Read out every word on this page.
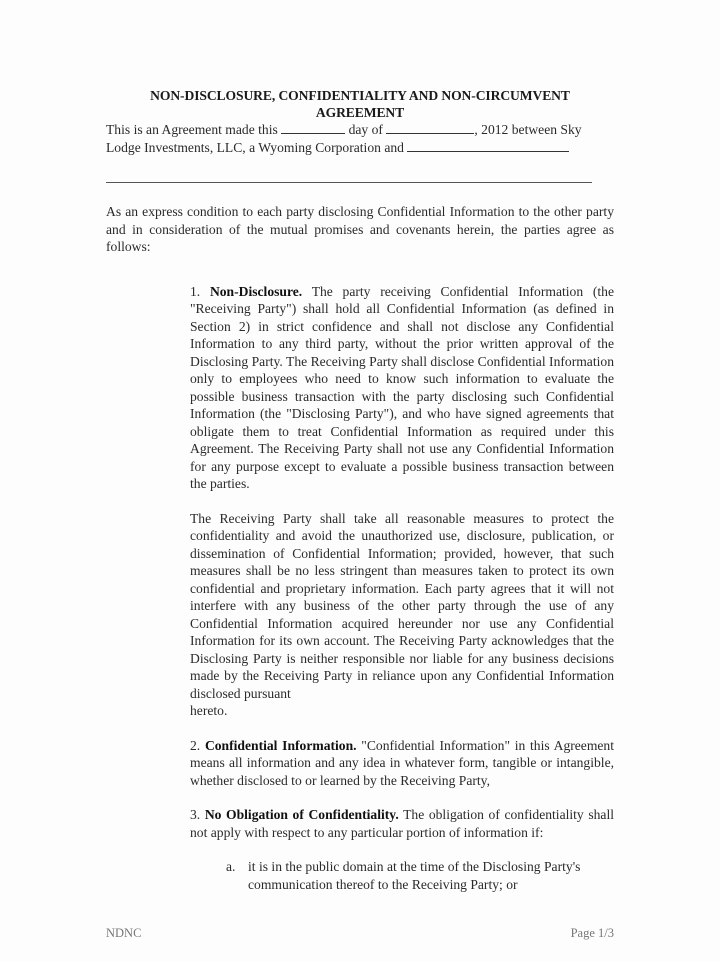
NON-DISCLOSURE, CONFIDENTIALITY AND NON-CIRCUMVENT
AGREEMENT
This is an Agreement made this	day of	, 2012 between Sky
Lodge Investments, LLC, a Wyoming Corporation and
As an express condition to each party disclosing Confidential Information to the other party and in consideration of the mutual promises and covenants herein, the parties agree as follows:
1. Non-Disclosure. The party receiving Confidential Information (the "Receiving Party") shall hold all Confidential Information (as defined in Section 2) in strict confidence and shall not disclose any Confidential Information to any third party, without the prior written approval of the Disclosing Party. The Receiving Party shall disclose Confidential Information only to employees who need to know such information to evaluate the possible business transaction with the party disclosing such Confidential Information (the "Disclosing Party"), and who have signed agreements that obligate them to treat Confidential Information as required under this Agreement. The Receiving Party shall not use any Confidential Information for any purpose except to evaluate a possible business transaction between the parties.
The Receiving Party shall take all reasonable measures to protect the confidentiality and avoid the unauthorized use, disclosure, publication, or dissemination of Confidential Information; provided, however, that such measures shall be no less stringent than measures taken to protect its own confidential and proprietary information. Each party agrees that it will not interfere with any business of the other party through the use of any Confidential Information acquired hereunder nor use any Confidential Information for its own account. The Receiving Party acknowledges that the Disclosing Party is neither responsible nor liable for any business decisions made by the Receiving Party in reliance upon any Confidential Information disclosed pursuant
hereto.
2. Confidential Information. "Confidential Information" in this Agreement means all information and any idea in whatever form, tangible or intangible, whether disclosed to or learned by the Receiving Party,
3. No Obligation of Confidentiality. The obligation of confidentiality shall not apply with respect to any particular portion of information if:
a. it is in the public domain at the time of the Disclosing Party's communication thereof to the Receiving Party; or
NDNC	Page 1/3
